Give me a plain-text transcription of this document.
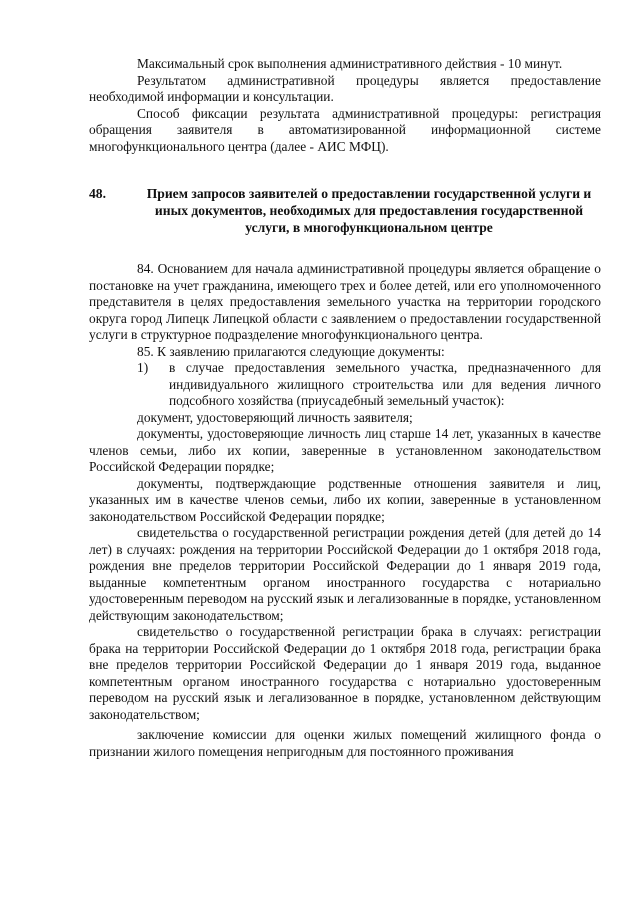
Максимальный срок выполнения административного действия - 10 минут.

Результатом административной процедуры является предоставление необходимой информации и консультации.

Способ фиксации результата административной процедуры: регистрация обращения заявителя в автоматизированной информационной системе многофункционального центра (далее - АИС МФЦ).

48.	Прием запросов заявителей о предоставлении государственной услуги и иных документов, необходимых для предоставления государственной услуги, в многофункциональном центре

84. Основанием для начала административной процедуры является обращение о постановке на учет гражданина, имеющего трех и более детей, или его уполномоченного представителя в целях предоставления земельного участка на территории городского округа город Липецк Липецкой области с заявлением о предоставлении государственной услуги в структурное подразделение многофункционального центра.

85. К заявлению прилагаются следующие документы:

1)	в случае предоставления земельного участка, предназначенного для индивидуального жилищного строительства или для ведения личного подсобного хозяйства (приусадебный земельный участок):

документ, удостоверяющий личность заявителя;

документы, удостоверяющие личность лиц старше 14 лет, указанных в качестве членов семьи, либо их копии, заверенные в установленном законодательством Российской Федерации порядке;

документы, подтверждающие родственные отношения заявителя и лиц, указанных им в качестве членов семьи, либо их копии, заверенные в установленном законодательством Российской Федерации порядке;

свидетельства о государственной регистрации рождения детей (для детей до 14 лет) в случаях: рождения на территории Российской Федерации до 1 октября 2018 года, рождения вне пределов территории Российской Федерации до 1 января 2019 года, выданные компетентным органом иностранного государства с нотариально удостоверенным переводом на русский язык и легализованные в порядке, установленном действующим законодательством;

свидетельство о государственной регистрации брака в случаях: регистрации брака на территории Российской Федерации до 1 октября 2018 года, регистрации брака вне пределов территории Российской Федерации до 1 января 2019 года, выданное компетентным органом иностранного государства с нотариально удостоверенным переводом на русский язык и легализованное в порядке, установленном действующим законодательством;

заключение комиссии для оценки жилых помещений жилищного фонда о признании жилого помещения непригодным для постоянного проживания
